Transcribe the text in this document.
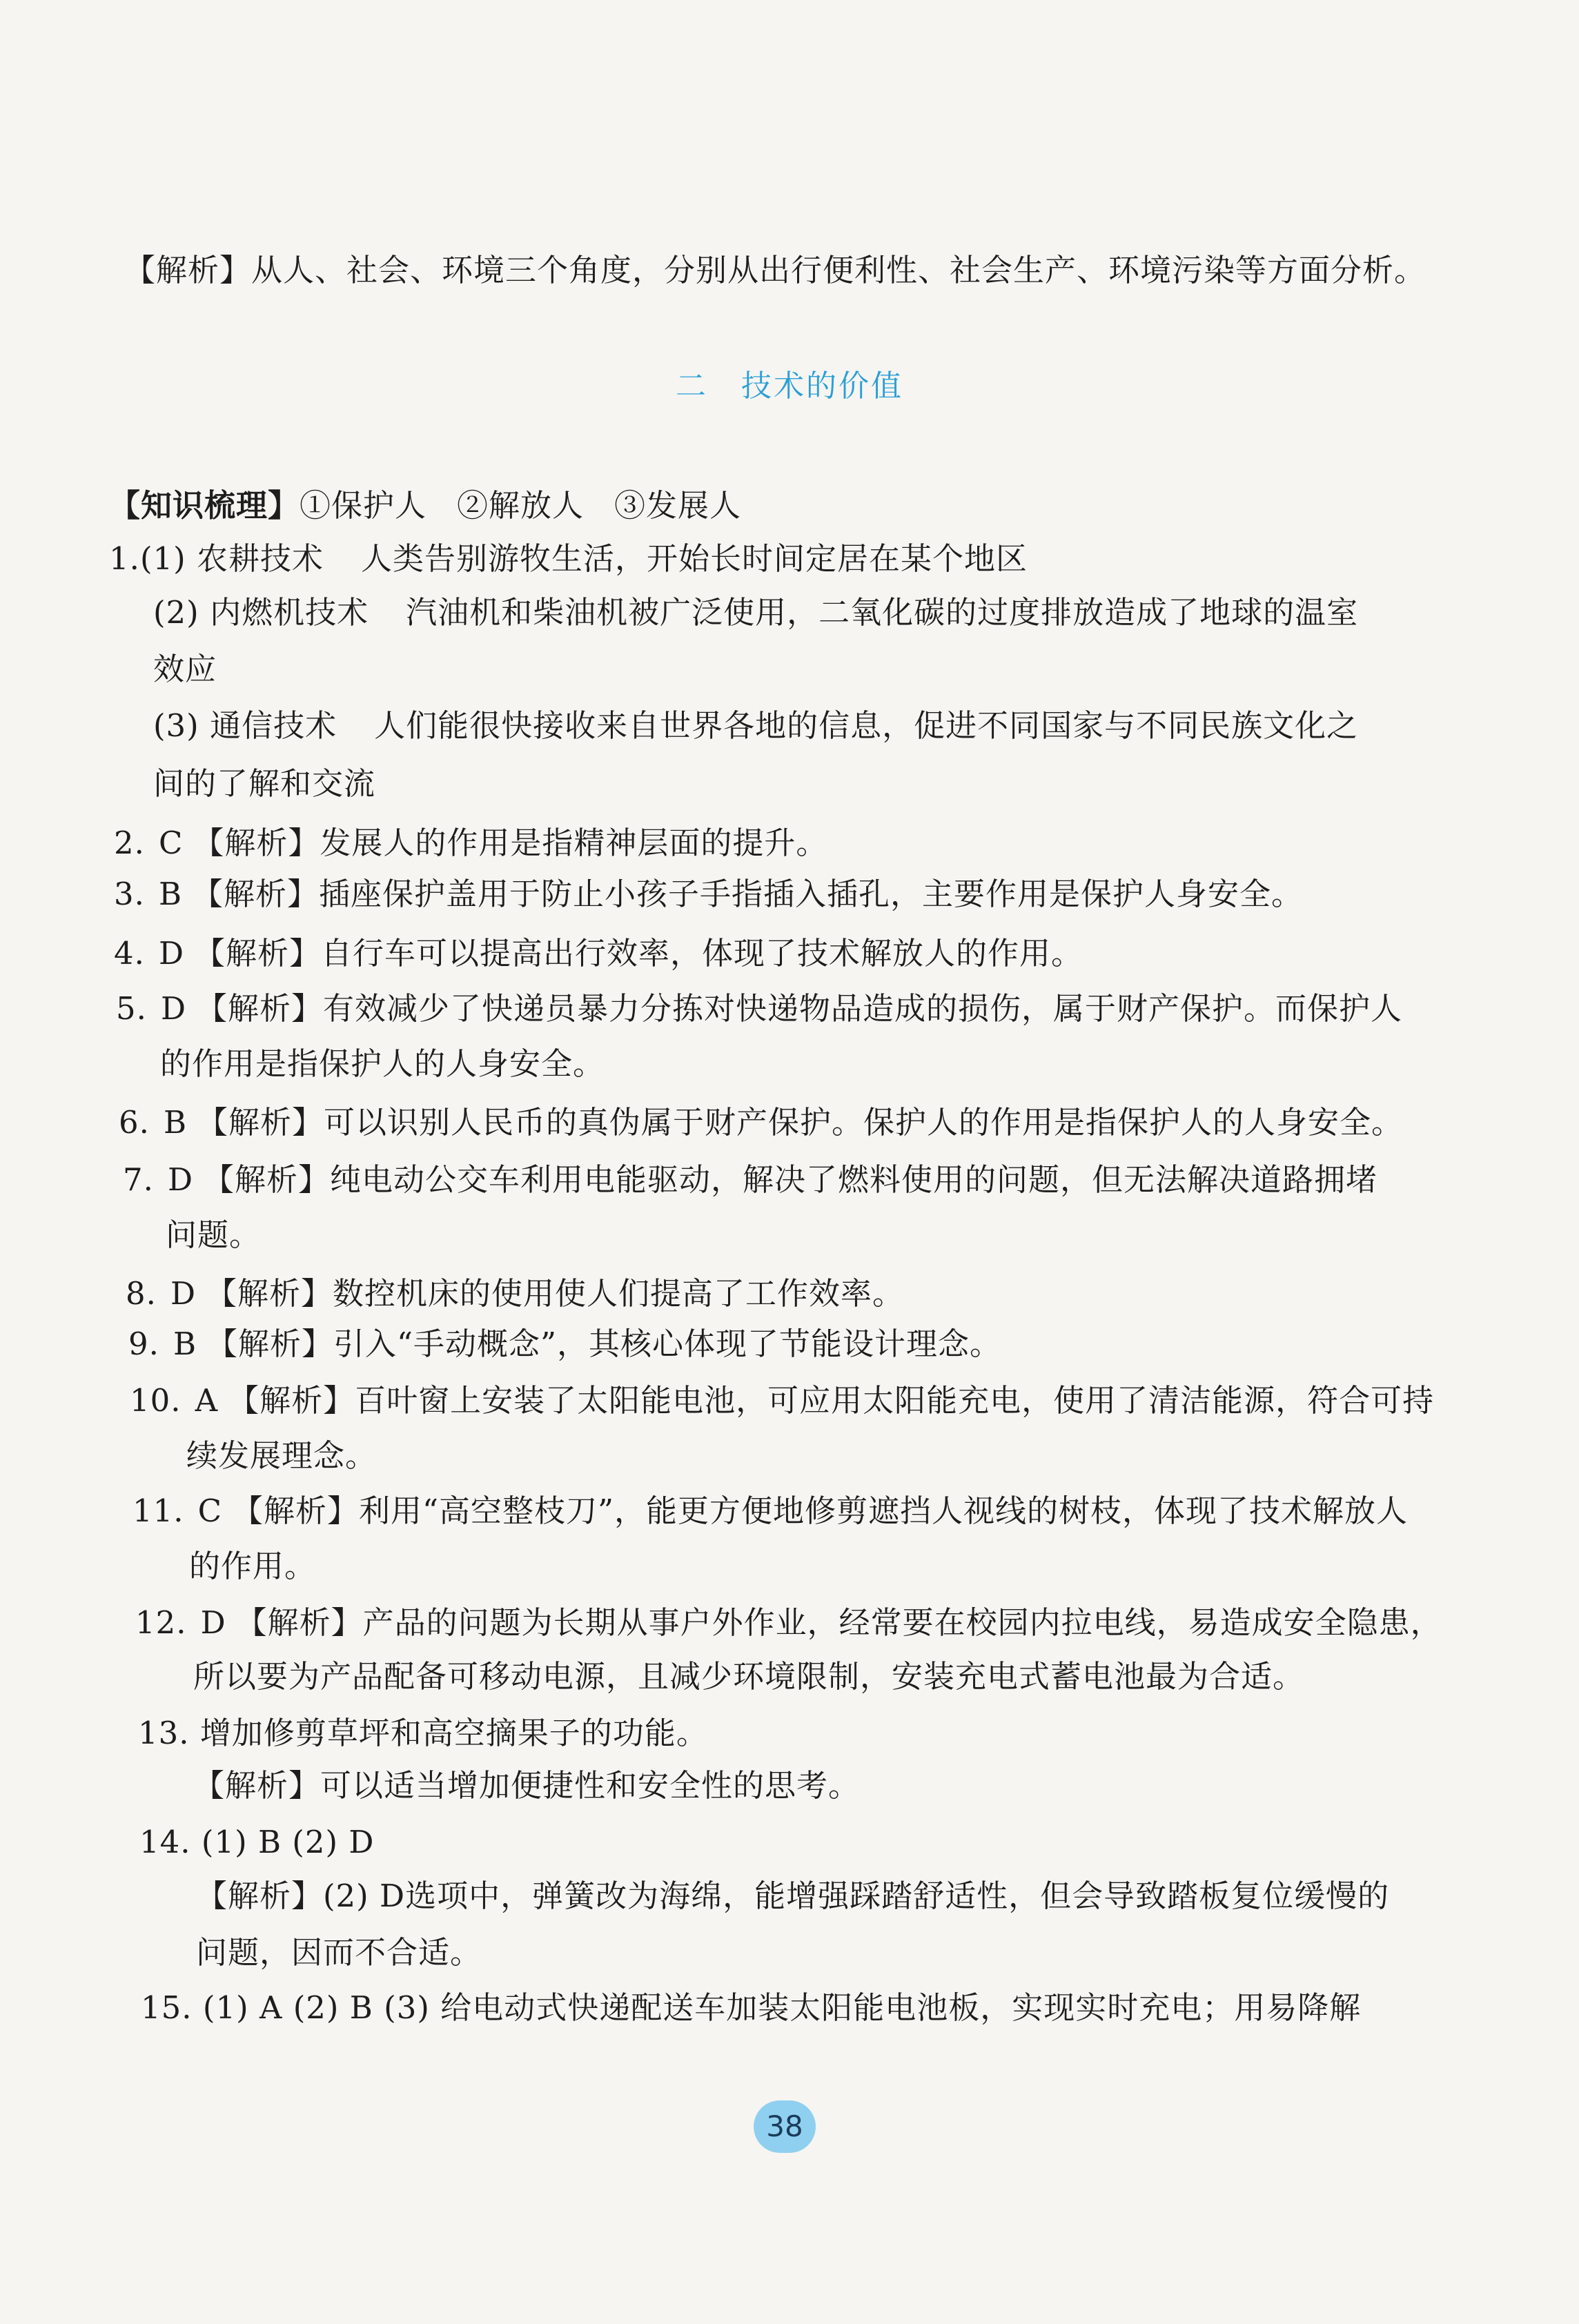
【解析】从人、社会、环境三个角度，分别从出行便利性、社会生产、环境污染等方面分析。
二 技术的价值
【知识梳理】①保护人 ②解放人 ③发展人
1.(1) 农耕技术 人类告别游牧生活，开始长时间定居在某个地区
(2) 内燃机技术 汽油机和柴油机被广泛使用，二氧化碳的过度排放造成了地球的温室
效应
(3) 通信技术 人们能很快接收来自世界各地的信息，促进不同国家与不同民族文化之
间的了解和交流
2. C 【解析】发展人的作用是指精神层面的提升。
3. B 【解析】插座保护盖用于防止小孩子手指插入插孔，主要作用是保护人身安全。
4. D 【解析】自行车可以提高出行效率，体现了技术解放人的作用。
5. D 【解析】有效减少了快递员暴力分拣对快递物品造成的损伤，属于财产保护。而保护人
的作用是指保护人的人身安全。
6. B 【解析】可以识别人民币的真伪属于财产保护。保护人的作用是指保护人的人身安全。
7. D 【解析】纯电动公交车利用电能驱动，解决了燃料使用的问题，但无法解决道路拥堵
问题。
8. D 【解析】数控机床的使用使人们提高了工作效率。
9. B 【解析】引入“手动概念”，其核心体现了节能设计理念。
10. A 【解析】百叶窗上安装了太阳能电池，可应用太阳能充电，使用了清洁能源，符合可持
续发展理念。
11. C 【解析】利用“高空整枝刀”，能更方便地修剪遮挡人视线的树枝，体现了技术解放人
的作用。
12. D 【解析】产品的问题为长期从事户外作业，经常要在校园内拉电线，易造成安全隐患，
所以要为产品配备可移动电源，且减少环境限制，安装充电式蓄电池最为合适。
13. 增加修剪草坪和高空摘果子的功能。
【解析】可以适当增加便捷性和安全性的思考。
14. (1) B (2) D
【解析】(2) D选项中，弹簧改为海绵，能增强踩踏舒适性，但会导致踏板复位缓慢的
问题，因而不合适。
15. (1) A (2) B (3) 给电动式快递配送车加装太阳能电池板，实现实时充电；用易降解
38
